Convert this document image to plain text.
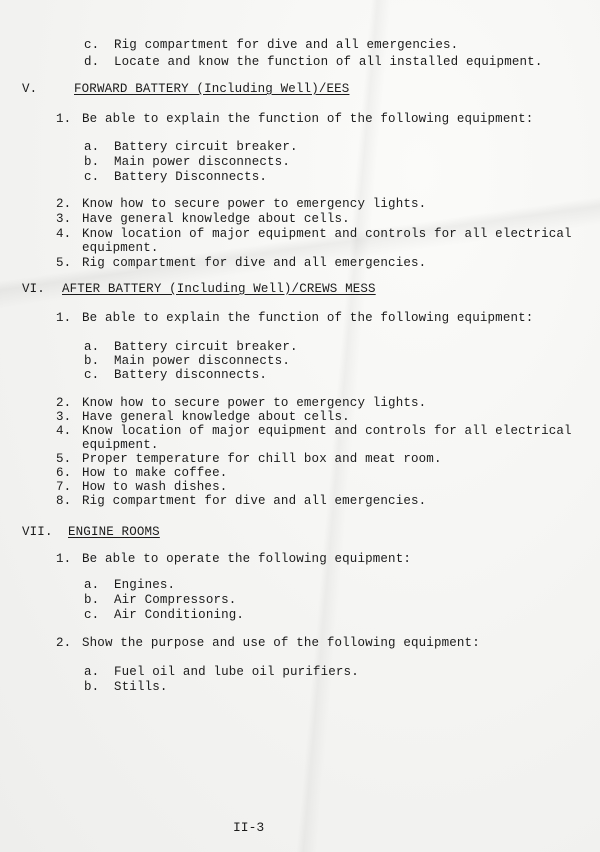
c. Rig compartment for dive and all emergencies.
d. Locate and know the function of all installed equipment.
V.	FORWARD BATTERY (Including Well)/EES
1. Be able to explain the function of the following equipment:
a. Battery circuit breaker.
b. Main power disconnects.
c. Battery Disconnects.
2. Know how to secure power to emergency lights.
3. Have general knowledge about cells.
4. Know location of major equipment and controls for all electrical
equipment.
5. Rig compartment for dive and all emergencies.
VI. AFTER BATTERY (Including Well)/CREWS MESS
1. Be able to explain the function of the following equipment:
a. Battery circuit breaker.
b. Main power disconnects.
c. Battery disconnects.
2. Know how to secure power to emergency lights.
3. Have general knowledge about cells.
4. Know location of major equipment and controls for all electrical
equipment.
5. Proper temperature for chill box and meat room.
6. How to make coffee.
7. How to wash dishes.
8. Rig compartment for dive and all emergencies.
VII. ENGINE ROOMS
1. Be able to operate the following equipment:
a. Engines.
b. Air Compressors.
c. Air Conditioning.
2. Show the purpose and use of the following equipment:
a. Fuel oil and lube oil purifiers.
b. Stills.
II-3
